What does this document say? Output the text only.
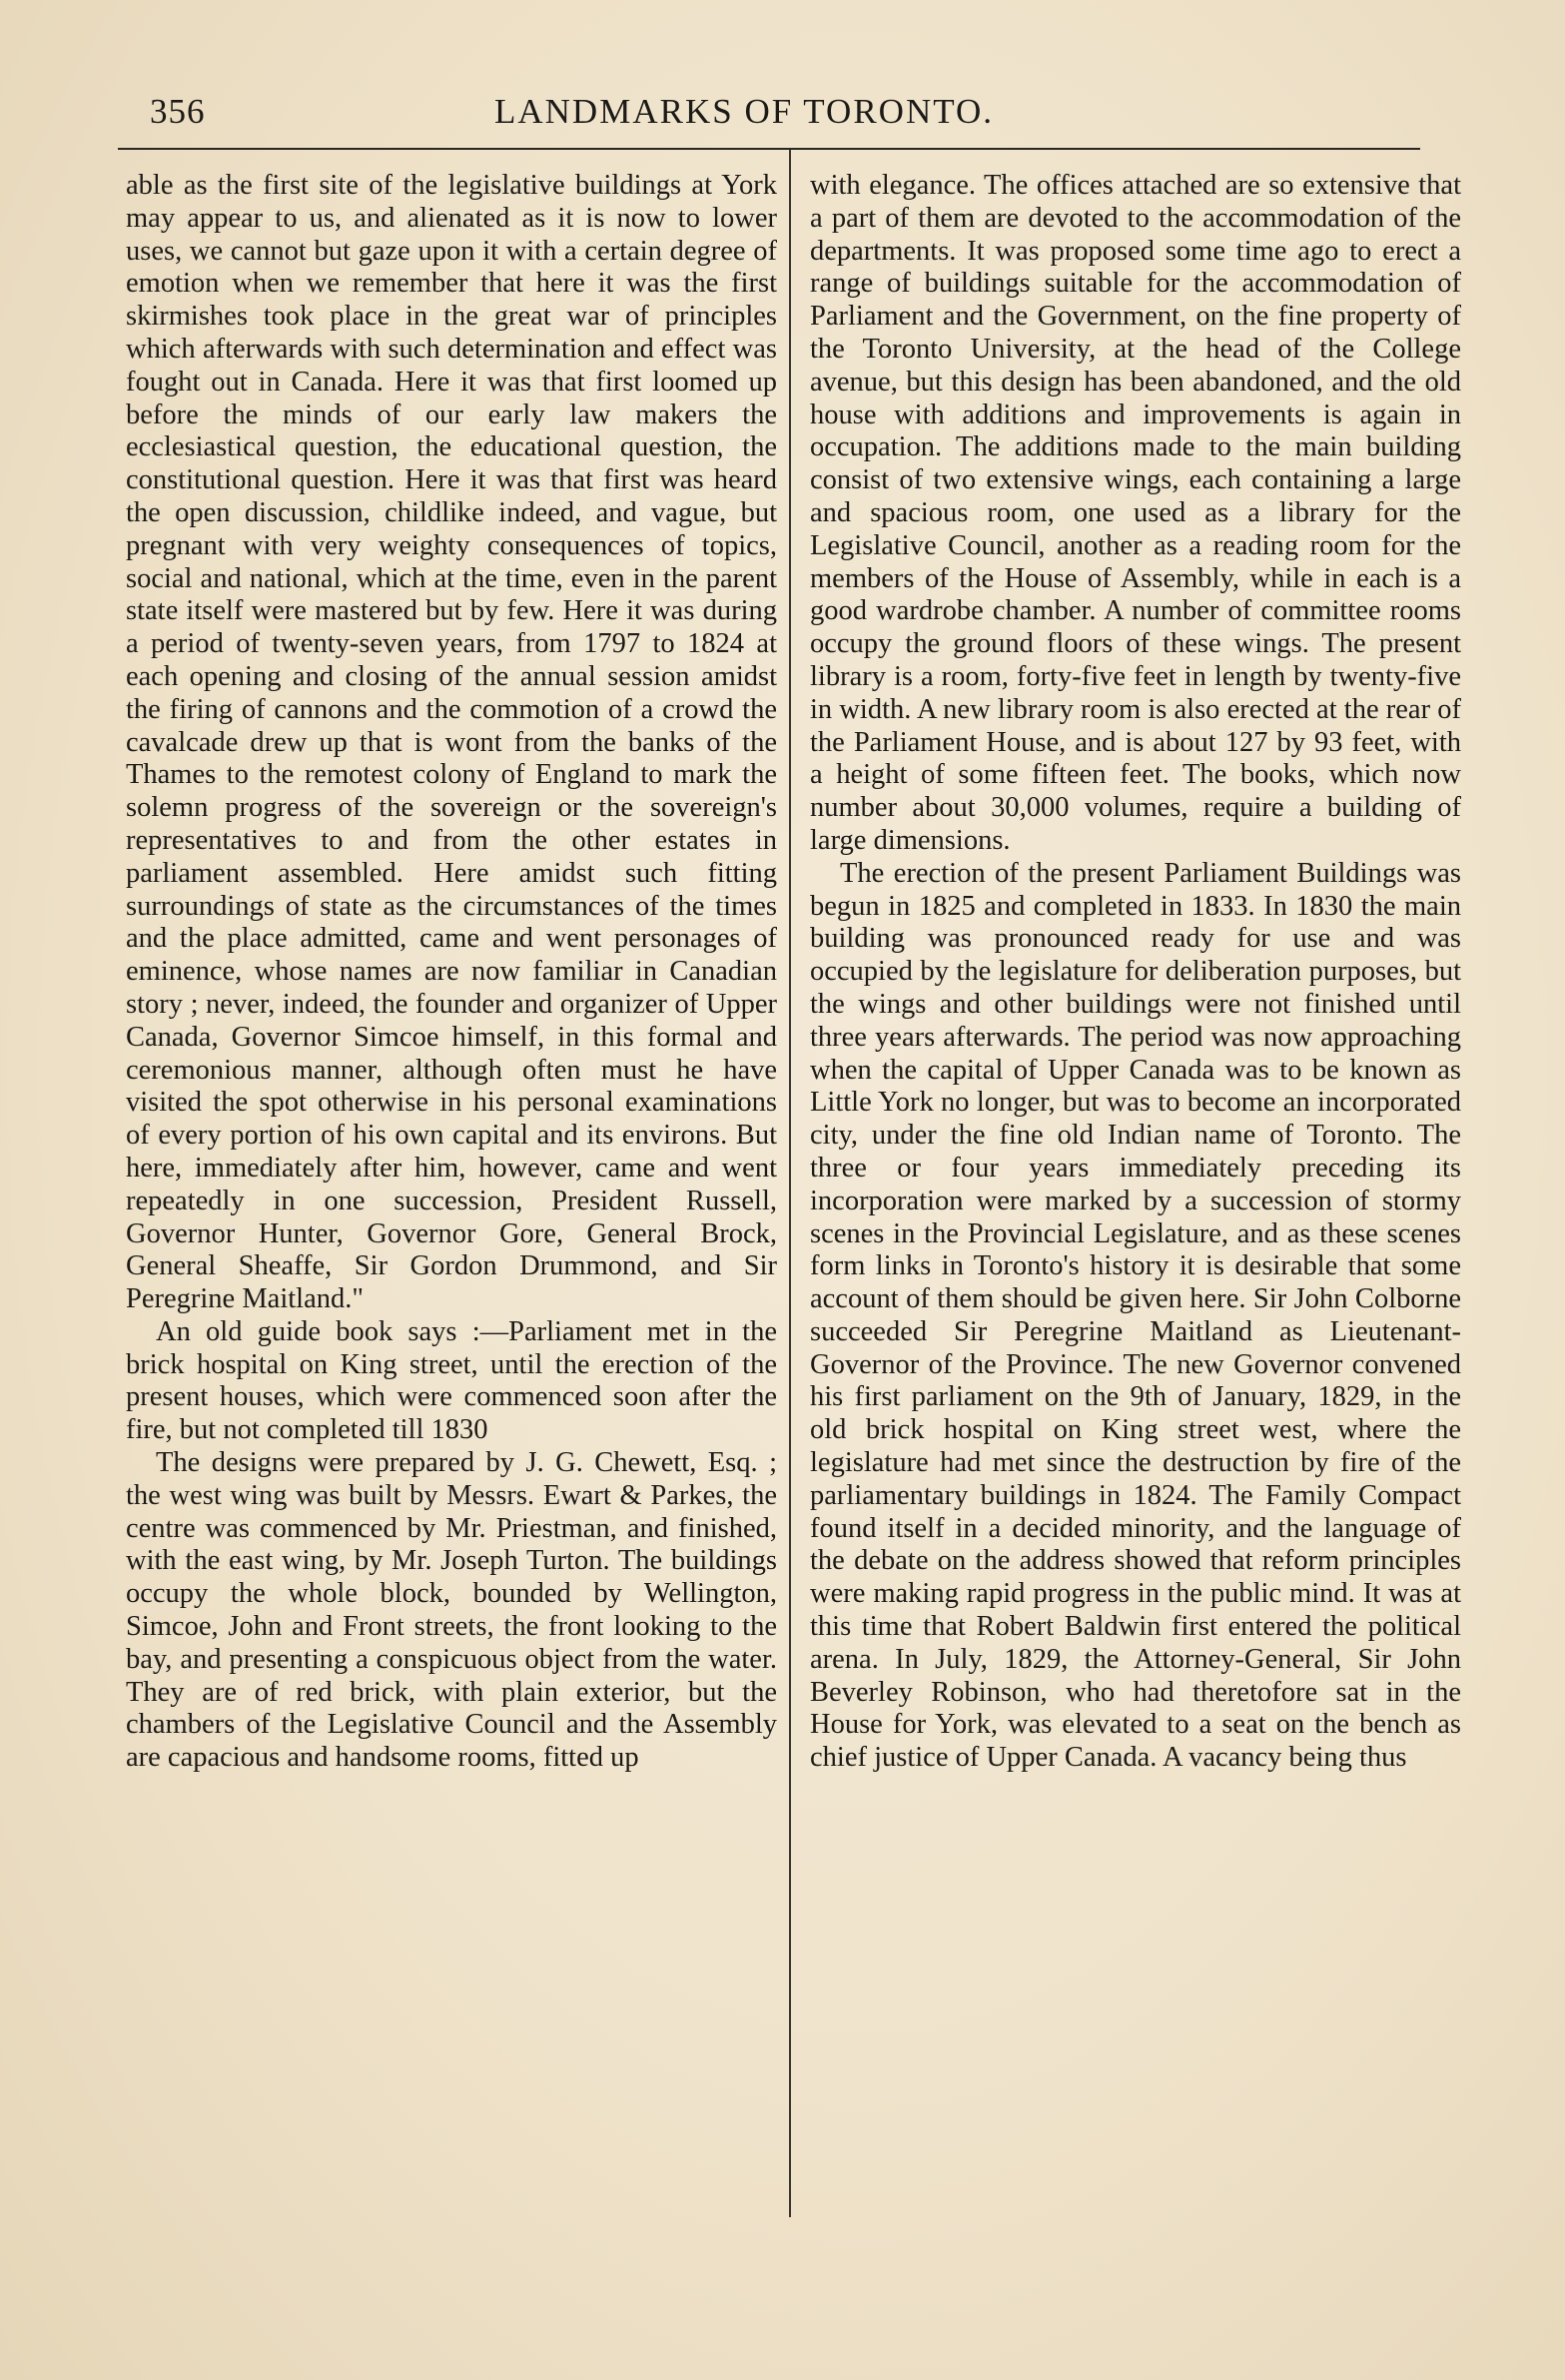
356	LANDMARKS OF TORONTO.

able as the first site of the legislative buildings at York may appear to us, and alienated as it is now to lower uses, we cannot but gaze upon it with a certain degree of emotion when we remember that here it was the first skirmishes took place in the great war of principles which afterwards with such determination and effect was fought out in Canada. Here it was that first loomed up before the minds of our early law makers the ecclesiastical question, the educational question, the constitutional question. Here it was that first was heard the open discussion, childlike indeed, and vague, but pregnant with very weighty consequences of topics, social and national, which at the time, even in the parent state itself were mastered but by few. Here it was during a period of twenty-seven years, from 1797 to 1824 at each opening and closing of the annual session amidst the firing of cannons and the commotion of a crowd the cavalcade drew up that is wont from the banks of the Thames to the remotest colony of England to mark the solemn progress of the sovereign or the sovereign's representatives to and from the other estates in parliament assembled. Here amidst such fitting surroundings of state as the circumstances of the times and the place admitted, came and went personages of eminence, whose names are now familiar in Canadian story ; never, indeed, the founder and organizer of Upper Canada, Governor Simcoe himself, in this formal and ceremonious manner, although often must he have visited the spot otherwise in his personal examinations of every portion of his own capital and its environs. But here, immediately after him, however, came and went repeatedly in one succession, President Russell, Governor Hunter, Governor Gore, General Brock, General Sheaffe, Sir Gordon Drummond, and Sir Peregrine Maitland."

An old guide book says :—Parliament met in the brick hospital on King street, until the erection of the present houses, which were commenced soon after the fire, but not completed till 1830

The designs were prepared by J. G. Chewett, Esq. ; the west wing was built by Messrs. Ewart & Parkes, the centre was commenced by Mr. Priestman, and finished, with the east wing, by Mr. Joseph Turton. The buildings occupy the whole block, bounded by Wellington, Simcoe, John and Front streets, the front looking to the bay, and presenting a conspicuous object from the water. They are of red brick, with plain exterior, but the chambers of the Legislative Council and the Assembly are capacious and handsome rooms, fitted up

with elegance. The offices attached are so extensive that a part of them are devoted to the accommodation of the departments. It was proposed some time ago to erect a range of buildings suitable for the accommodation of Parliament and the Government, on the fine property of the Toronto University, at the head of the College avenue, but this design has been abandoned, and the old house with additions and improvements is again in occupation. The additions made to the main building consist of two extensive wings, each containing a large and spacious room, one used as a library for the Legislative Council, another as a reading room for the members of the House of Assembly, while in each is a good wardrobe chamber. A number of committee rooms occupy the ground floors of these wings. The present library is a room, forty-five feet in length by twenty-five in width. A new library room is also erected at the rear of the Parliament House, and is about 127 by 93 feet, with a height of some fifteen feet. The books, which now number about 30,000 volumes, require a building of large dimensions.

The erection of the present Parliament Buildings was begun in 1825 and completed in 1833. In 1830 the main building was pronounced ready for use and was occupied by the legislature for deliberation purposes, but the wings and other buildings were not finished until three years afterwards. The period was now approaching when the capital of Upper Canada was to be known as Little York no longer, but was to become an incorporated city, under the fine old Indian name of Toronto. The three or four years immediately preceding its incorporation were marked by a succession of stormy scenes in the Provincial Legislature, and as these scenes form links in Toronto's history it is desirable that some account of them should be given here. Sir John Colborne succeeded Sir Peregrine Maitland as Lieutenant-Governor of the Province. The new Governor convened his first parliament on the 9th of January, 1829, in the old brick hospital on King street west, where the legislature had met since the destruction by fire of the parliamentary buildings in 1824. The Family Compact found itself in a decided minority, and the language of the debate on the address showed that reform principles were making rapid progress in the public mind. It was at this time that Robert Baldwin first entered the political arena. In July, 1829, the Attorney-General, Sir John Beverley Robinson, who had theretofore sat in the House for York, was elevated to a seat on the bench as chief justice of Upper Canada. A vacancy being thus
